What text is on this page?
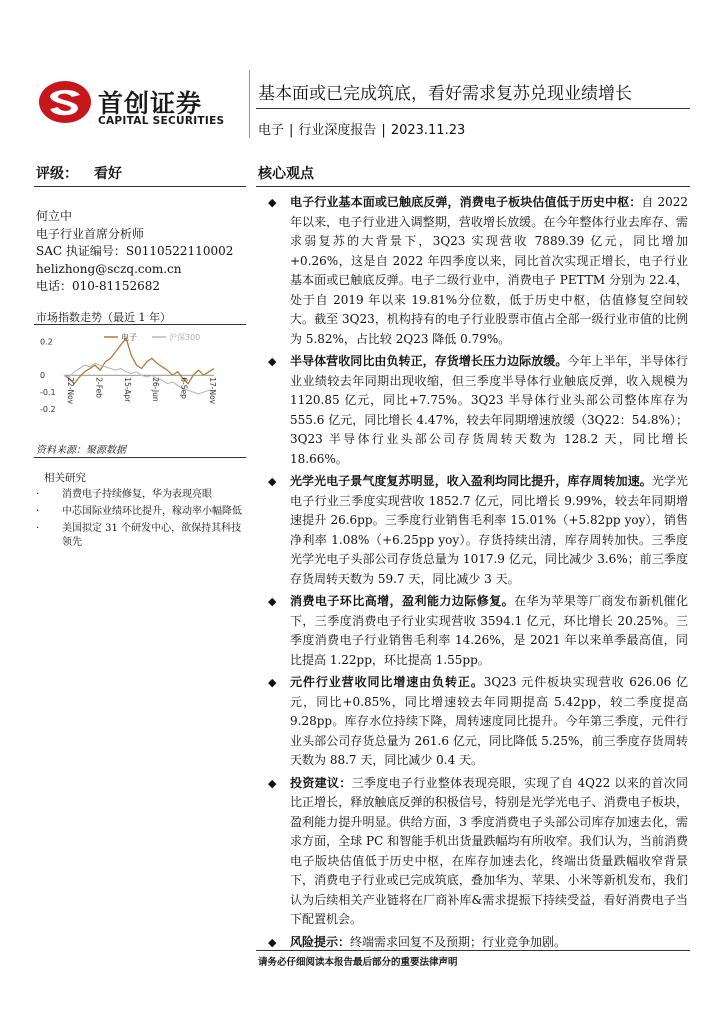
首创证券
CAPITAL SECURITIES
基本面或已完成筑底，看好需求复苏兑现业绩增长
电子 | 行业深度报告 | 2023.11.23
评级： 看好
何立中
电子行业首席分析师
SAC 执证编号：S0110522110002
helizhong@sczq.com.cn
电话：010-81152682
市场指数走势（最近 1 年）
0.2
0
-0.1
-0.2
22-Nov	2-Feb	15-Apr	26-Jun	6-Sep	17-Nov
电子	沪深300
资料来源：聚源数据
相关研究
· 消费电子持续修复，华为表现亮眼
· 中芯国际业绩环比提升，稼动率小幅降低
· 美国拟定 31 个研发中心，欲保持其科技领先
核心观点
◆ 电子行业基本面或已触底反弹，消费电子板块估值低于历史中枢：自 2022 年以来，电子行业进入调整期，营收增长放缓。在今年整体行业去库存、需求弱复苏的大背景下，3Q23 实现营收 7889.39 亿元，同比增加 +0.26%，这是自 2022 年四季度以来，同比首次实现正增长，电子行业基本面或已触底反弹。电子二级行业中，消费电子 PETTM 分别为 22.4，处于自 2019 年以来 19.81%分位数，低于历史中枢，估值修复空间较大。截至 3Q23，机构持有的电子行业股票市值占全部一级行业市值的比例为 5.82%，占比较 2Q23 降低 0.79%。
◆ 半导体营收同比由负转正，存货增长压力边际放缓。今年上半年，半导体行业业绩较去年同期出现收缩，但三季度半导体行业触底反弹，收入规模为 1120.85 亿元，同比+7.75%。3Q23 半导体行业头部公司整体库存为 555.6 亿元，同比增长 4.47%，较去年同期增速放缓（3Q22：54.8%）；3Q23 半导体行业头部公司存货周转天数为 128.2 天，同比增长 18.66%。
◆ 光学光电子景气度复苏明显，收入盈利均同比提升，库存周转加速。光学光电子行业三季度实现营收 1852.7 亿元，同比增长 9.99%，较去年同期增速提升 26.6pp。三季度行业销售毛利率 15.01%（+5.82pp yoy），销售净利率 1.08%（+6.25pp yoy）。存货持续出清，库存周转加快。三季度光学光电子头部公司存货总量为 1017.9 亿元，同比减少 3.6%；前三季度存货周转天数为 59.7 天，同比减少 3 天。
◆ 消费电子环比高增，盈利能力边际修复。在华为苹果等厂商发布新机催化下，三季度消费电子行业实现营收 3594.1 亿元，环比增长 20.25%。三季度消费电子行业销售毛利率 14.26%，是 2021 年以来单季最高值，同比提高 1.22pp，环比提高 1.55pp。
◆ 元件行业营收同比增速由负转正。3Q23 元件板块实现营收 626.06 亿元，同比+0.85%，同比增速较去年同期提高 5.42pp，较二季度提高 9.28pp。库存水位持续下降，周转速度同比提升。今年第三季度，元件行业头部公司存货总量为 261.6 亿元，同比降低 5.25%，前三季度存货周转天数为 88.7 天，同比减少 0.4 天。
◆ 投资建议：三季度电子行业整体表现亮眼，实现了自 4Q22 以来的首次同比正增长，释放触底反弹的积极信号，特别是光学光电子、消费电子板块，盈利能力提升明显。供给方面，3 季度消费电子头部公司库存加速去化，需求方面，全球 PC 和智能手机出货量跌幅均有所收窄。我们认为，当前消费电子版块估值低于历史中枢，在库存加速去化，终端出货量跌幅收窄背景下，消费电子行业或已完成筑底，叠加华为、苹果、小米等新机发布，我们认为后续相关产业链将在厂商补库&需求提振下持续受益，看好消费电子当下配置机会。
◆ 风险提示：终端需求回复不及预期；行业竞争加剧。
请务必仔细阅读本报告最后部分的重要法律声明
